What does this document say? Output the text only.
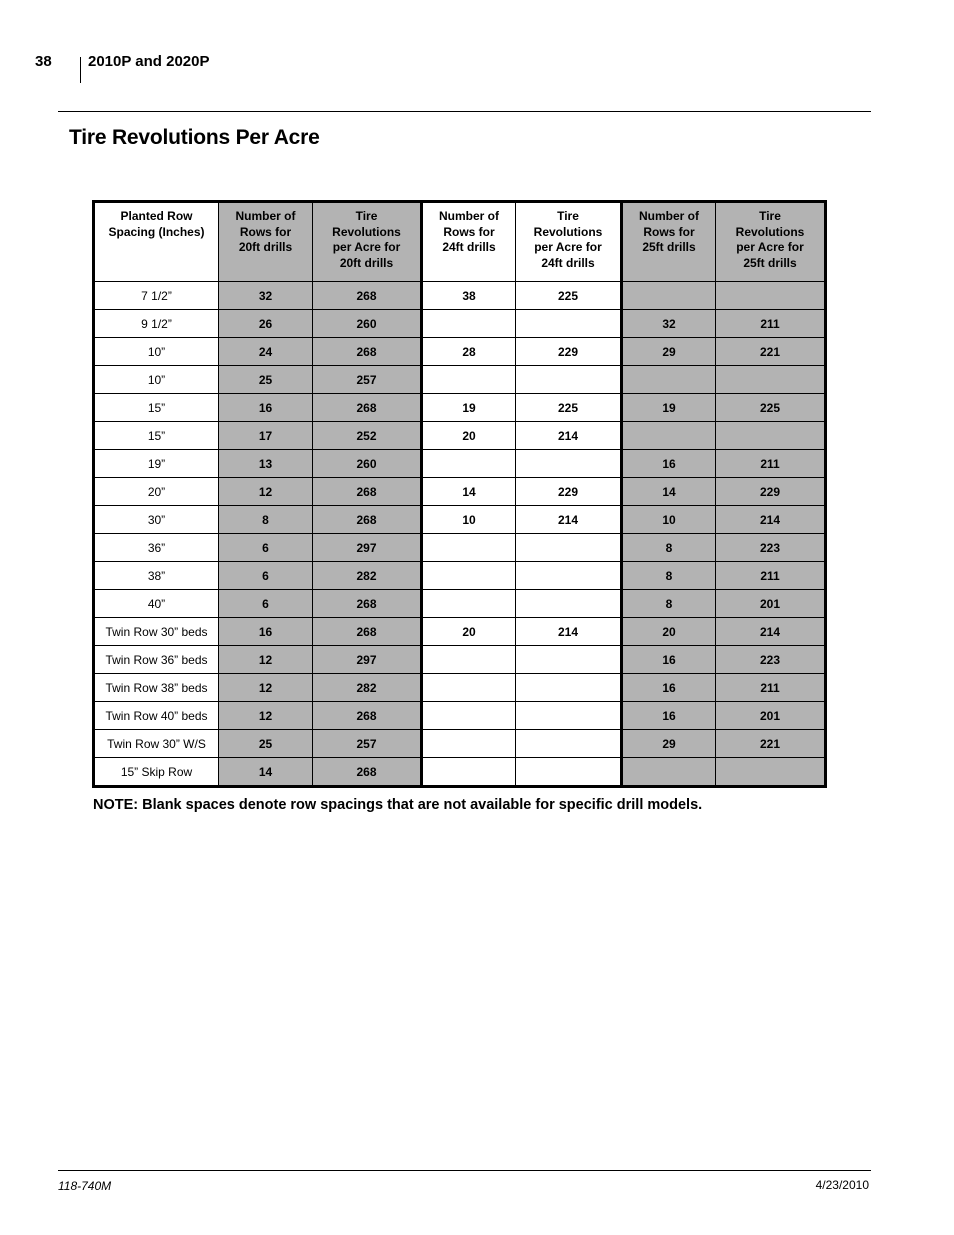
38 2010P and 2020P
Tire Revolutions Per Acre
Planted Row
Spacing (Inches)	Number of
Rows for
20ft drills	Tire
Revolutions
per Acre for
20ft drills	Number of
Rows for
24ft drills	Tire
Revolutions
per Acre for
24ft drills	Number of
Rows for
25ft drills	Tire
Revolutions
per Acre for
25ft drills

7 1/2”	32	268	38	225		
9 1/2”	26	260			32	211
10”	24	268	28	229	29	221
10”	25	257				
15”	16	268	19	225	19	225
15”	17	252	20	214		
19”	13	260			16	211
20”	12	268	14	229	14	229
30”	8	268	10	214	10	214
36”	6	297			8	223
38”	6	282			8	211
40”	6	268			8	201
Twin Row 30” beds	16	268	20	214	20	214
Twin Row 36” beds	12	297			16	223
Twin Row 38” beds	12	282			16	211
Twin Row 40” beds	12	268			16	201
Twin Row 30” W/S	25	257			29	221
15” Skip Row	14	268				
NOTE: Blank spaces denote row spacings that are not available for specific drill models.
118-740M	4/23/2010
